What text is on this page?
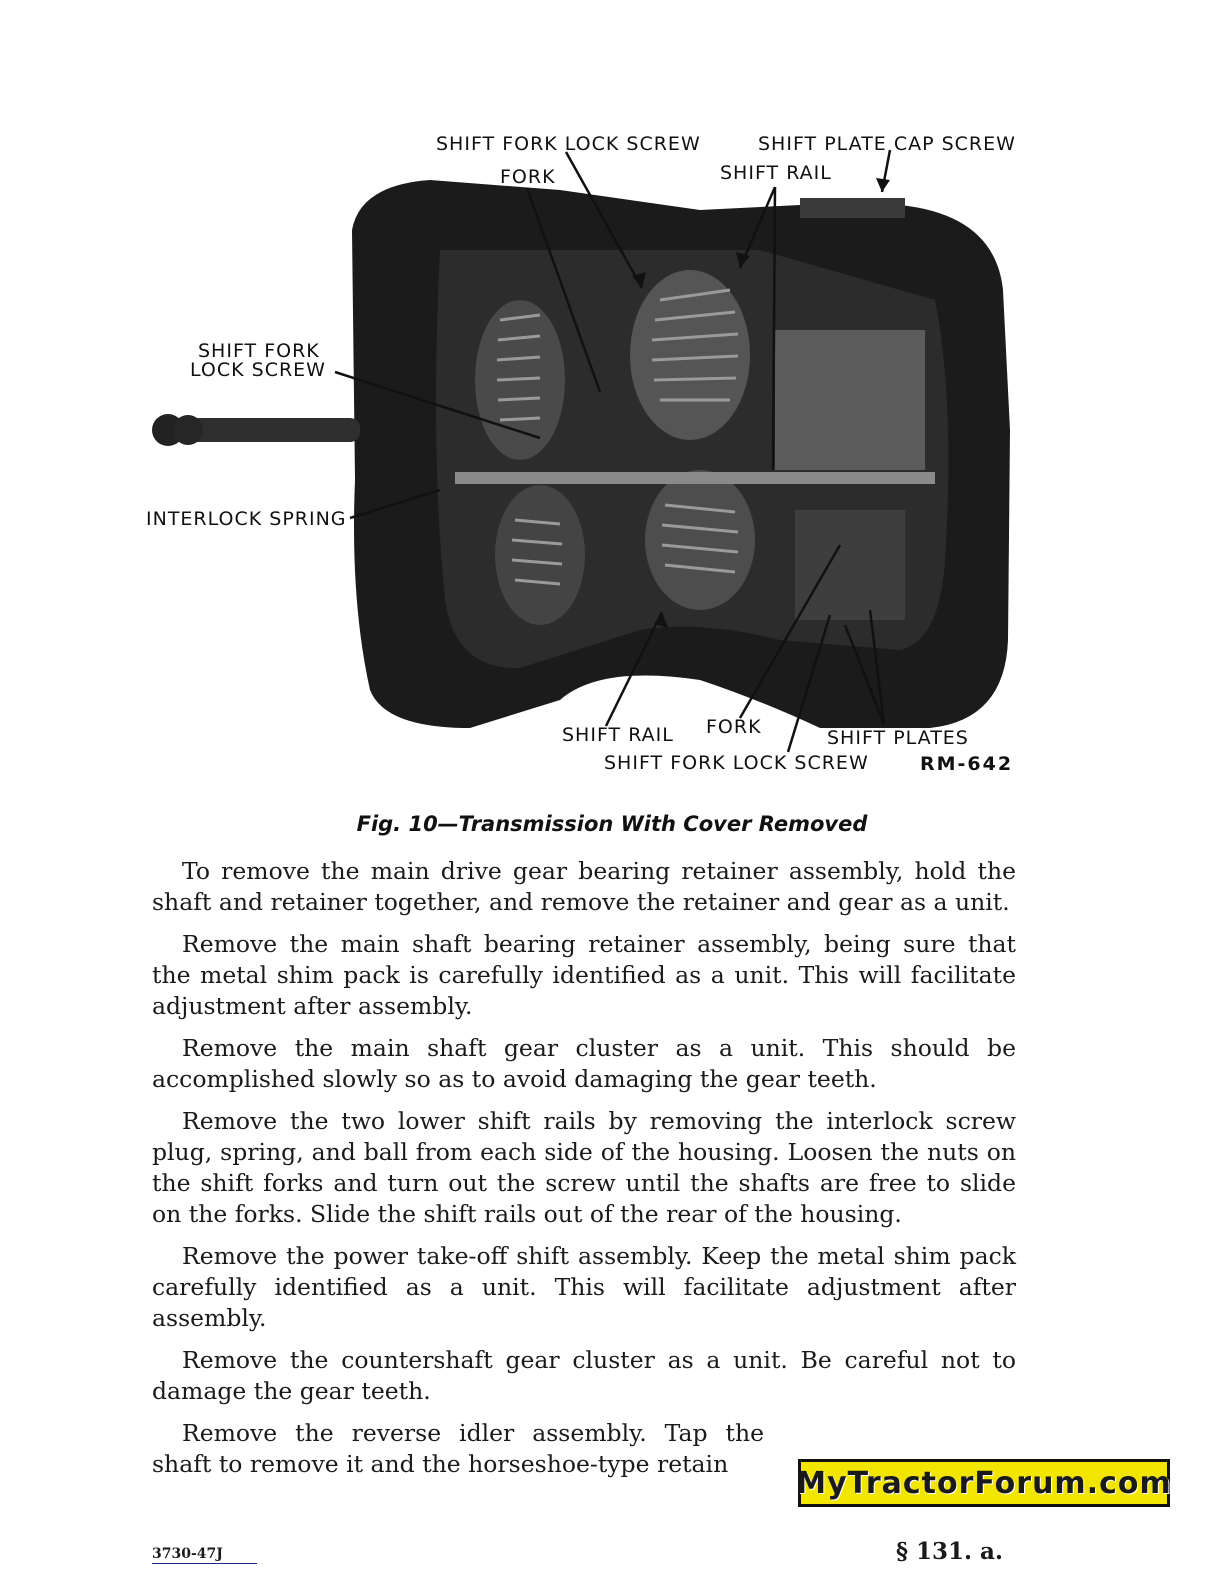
SHIFT FORK LOCK SCREW	SHIFT PLATE CAP SCREW
FORK	SHIFT RAIL
SHIFT FORK
LOCK SCREW
INTERLOCK SPRING
SHIFT RAIL FORK	SHIFT PLATES
SHIFT FORK LOCK SCREW	RM-642
Fig. 10—Transmission With Cover Removed

To remove the main drive gear bearing retainer assembly, hold the shaft and retainer together, and remove the retainer and gear as a unit.

Remove the main shaft bearing retainer assembly, being sure that the metal shim pack is carefully identified as a unit. This will facilitate adjustment after assembly.

Remove the main shaft gear cluster as a unit. This should be accomplished slowly so as to avoid damaging the gear teeth.

Remove the two lower shift rails by removing the interlock screw plug, spring, and ball from each side of the housing. Loosen the nuts on the shift forks and turn out the screw until the shafts are free to slide on the forks. Slide the shift rails out of the rear of the housing.

Remove the power take-off shift assembly. Keep the metal shim pack carefully identified as a unit. This will facilitate adjustment after assembly.

Remove the countershaft gear cluster as a unit. Be careful not to damage the gear teeth.

Remove the reverse idler assembly. Tap the shaft to remove it and the horseshoe-type retain

MyTractorForum.com
3730-47J	§ 131. a.
